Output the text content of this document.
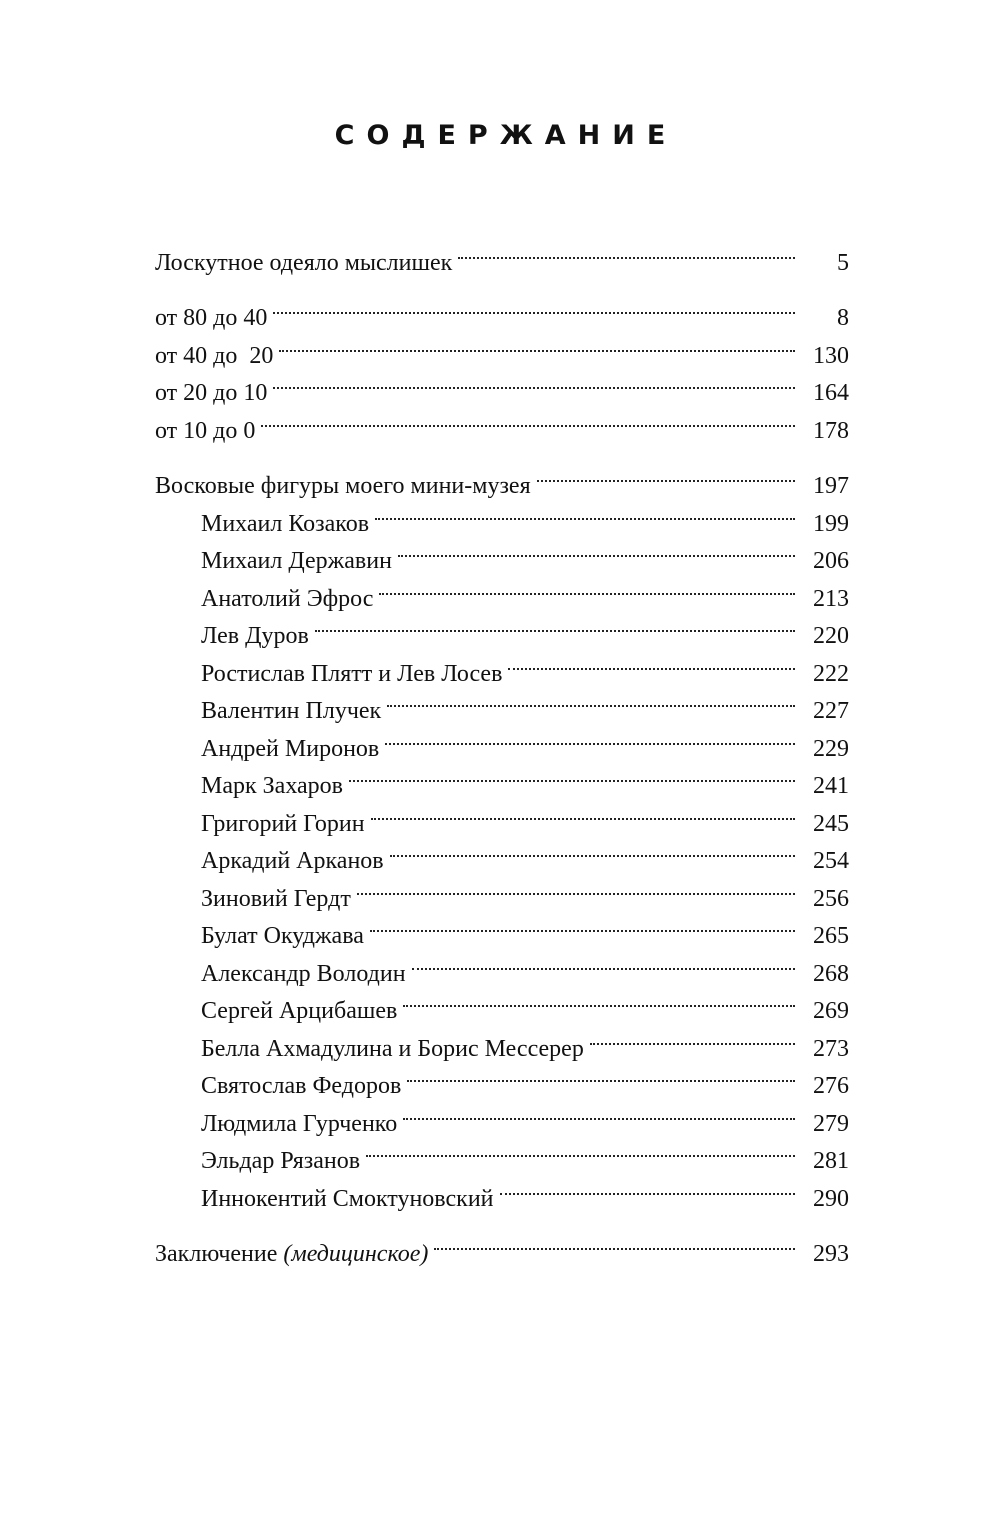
СОДЕРЖАНИЕ
Лоскутное одеяло мыслишек	5
от 80 до 40	8
от 40 до  20	130
от 20 до 10	164
от 10 до 0	178
Восковые фигуры моего мини-музея	197
Михаил Козаков	199
Михаил Державин	206
Анатолий Эфрос	213
Лев Дуров	220
Ростислав Плятт и Лев Лосев	222
Валентин Плучек	227
Андрей Миронов	229
Марк Захаров	241
Григорий Горин	245
Аркадий Арканов	254
Зиновий Гердт	256
Булат Окуджава	265
Александр Володин	268
Сергей Арцибашев	269
Белла Ахмадулина и Борис Мессерер	273
Святослав Федоров	276
Людмила Гурченко	279
Эльдар Рязанов	281
Иннокентий Смоктуновский	290
Заключение (медицинское)	293
